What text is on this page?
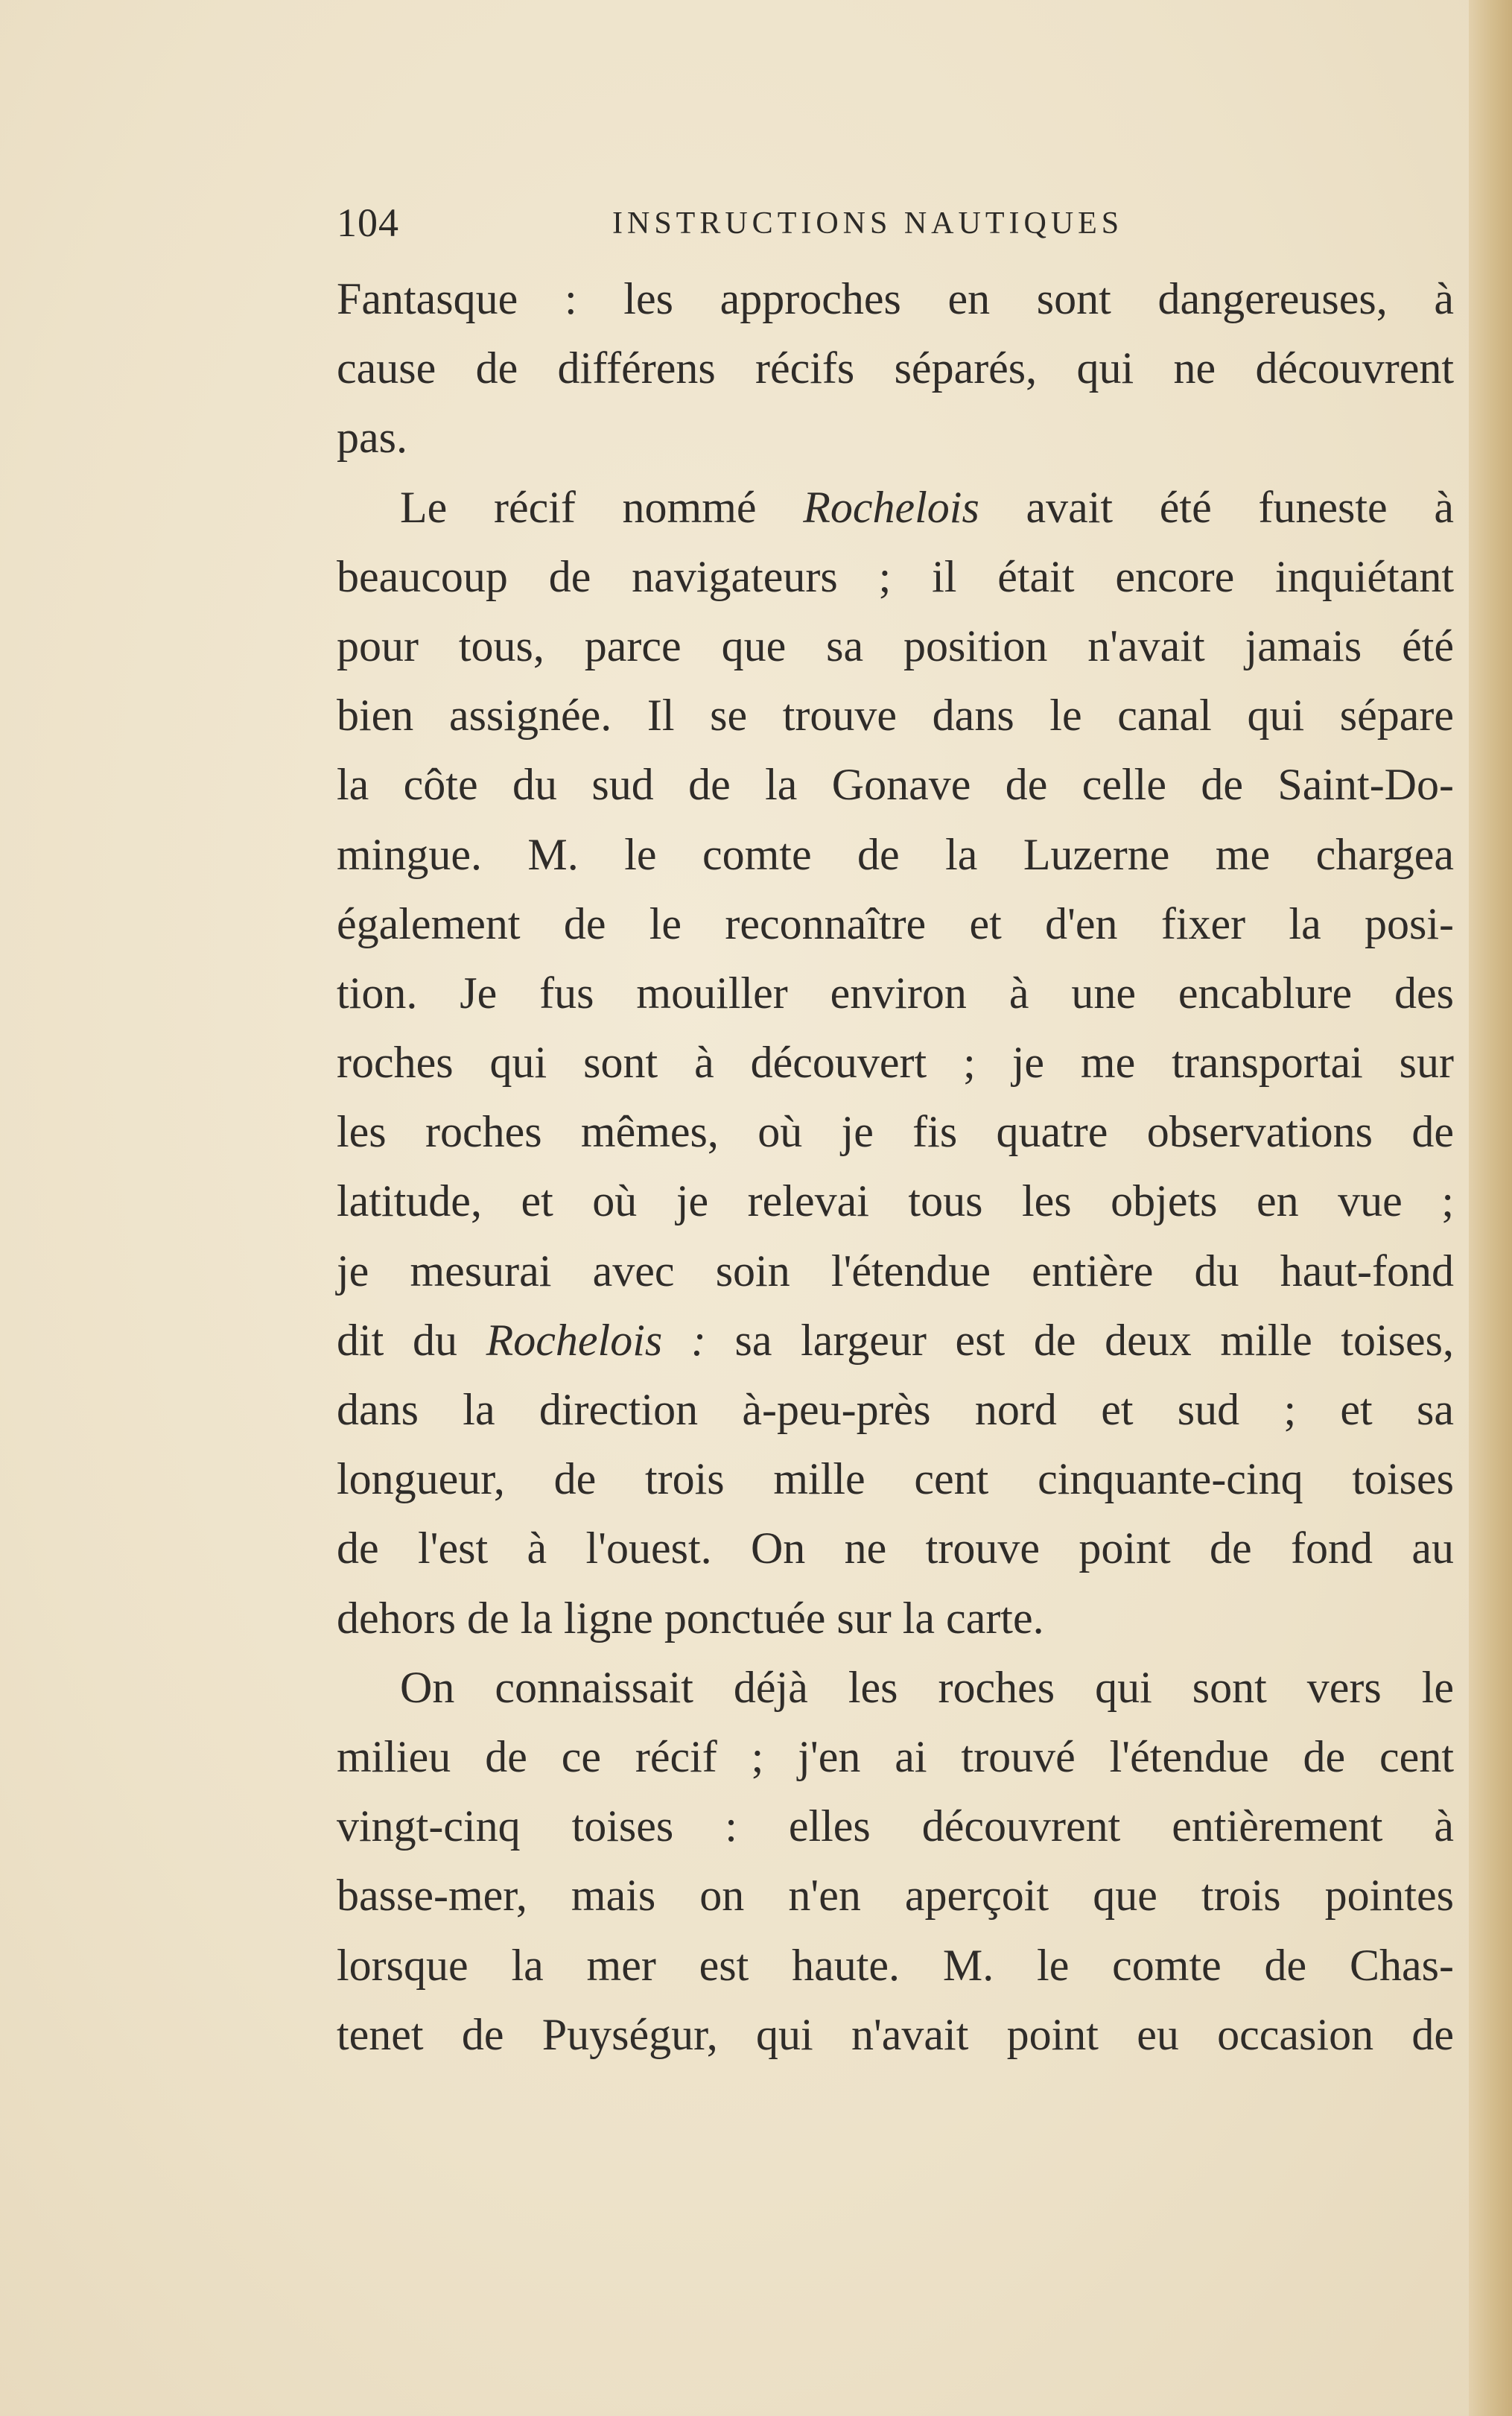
104	INSTRUCTIONS NAUTIQUES
Fantasque : les approches en sont dangereuses, à
cause de différens récifs séparés, qui ne découvrent
pas.
Le récif nommé Rochelois avait été funeste à
beaucoup de navigateurs ; il était encore inquiétant
pour tous, parce que sa position n'avait jamais été
bien assignée. Il se trouve dans le canal qui sépare
la côte du sud de la Gonave de celle de Saint-Do-
mingue. M. le comte de la Luzerne me chargea
également de le reconnaître et d'en fixer la posi-
tion. Je fus mouiller environ à une encablure des
roches qui sont à découvert ; je me transportai sur
les roches mêmes, où je fis quatre observations de
latitude, et où je relevai tous les objets en vue ;
je mesurai avec soin l'étendue entière du haut-fond
dit du Rochelois : sa largeur est de deux mille toises,
dans la direction à-peu-près nord et sud ; et sa
longueur, de trois mille cent cinquante-cinq toises
de l'est à l'ouest. On ne trouve point de fond au
dehors de la ligne ponctuée sur la carte.
On connaissait déjà les roches qui sont vers le
milieu de ce récif ; j'en ai trouvé l'étendue de cent
vingt-cinq toises : elles découvrent entièrement à
basse-mer, mais on n'en aperçoit que trois pointes
lorsque la mer est haute. M. le comte de Chas-
tenet de Puységur, qui n'avait point eu occasion de
